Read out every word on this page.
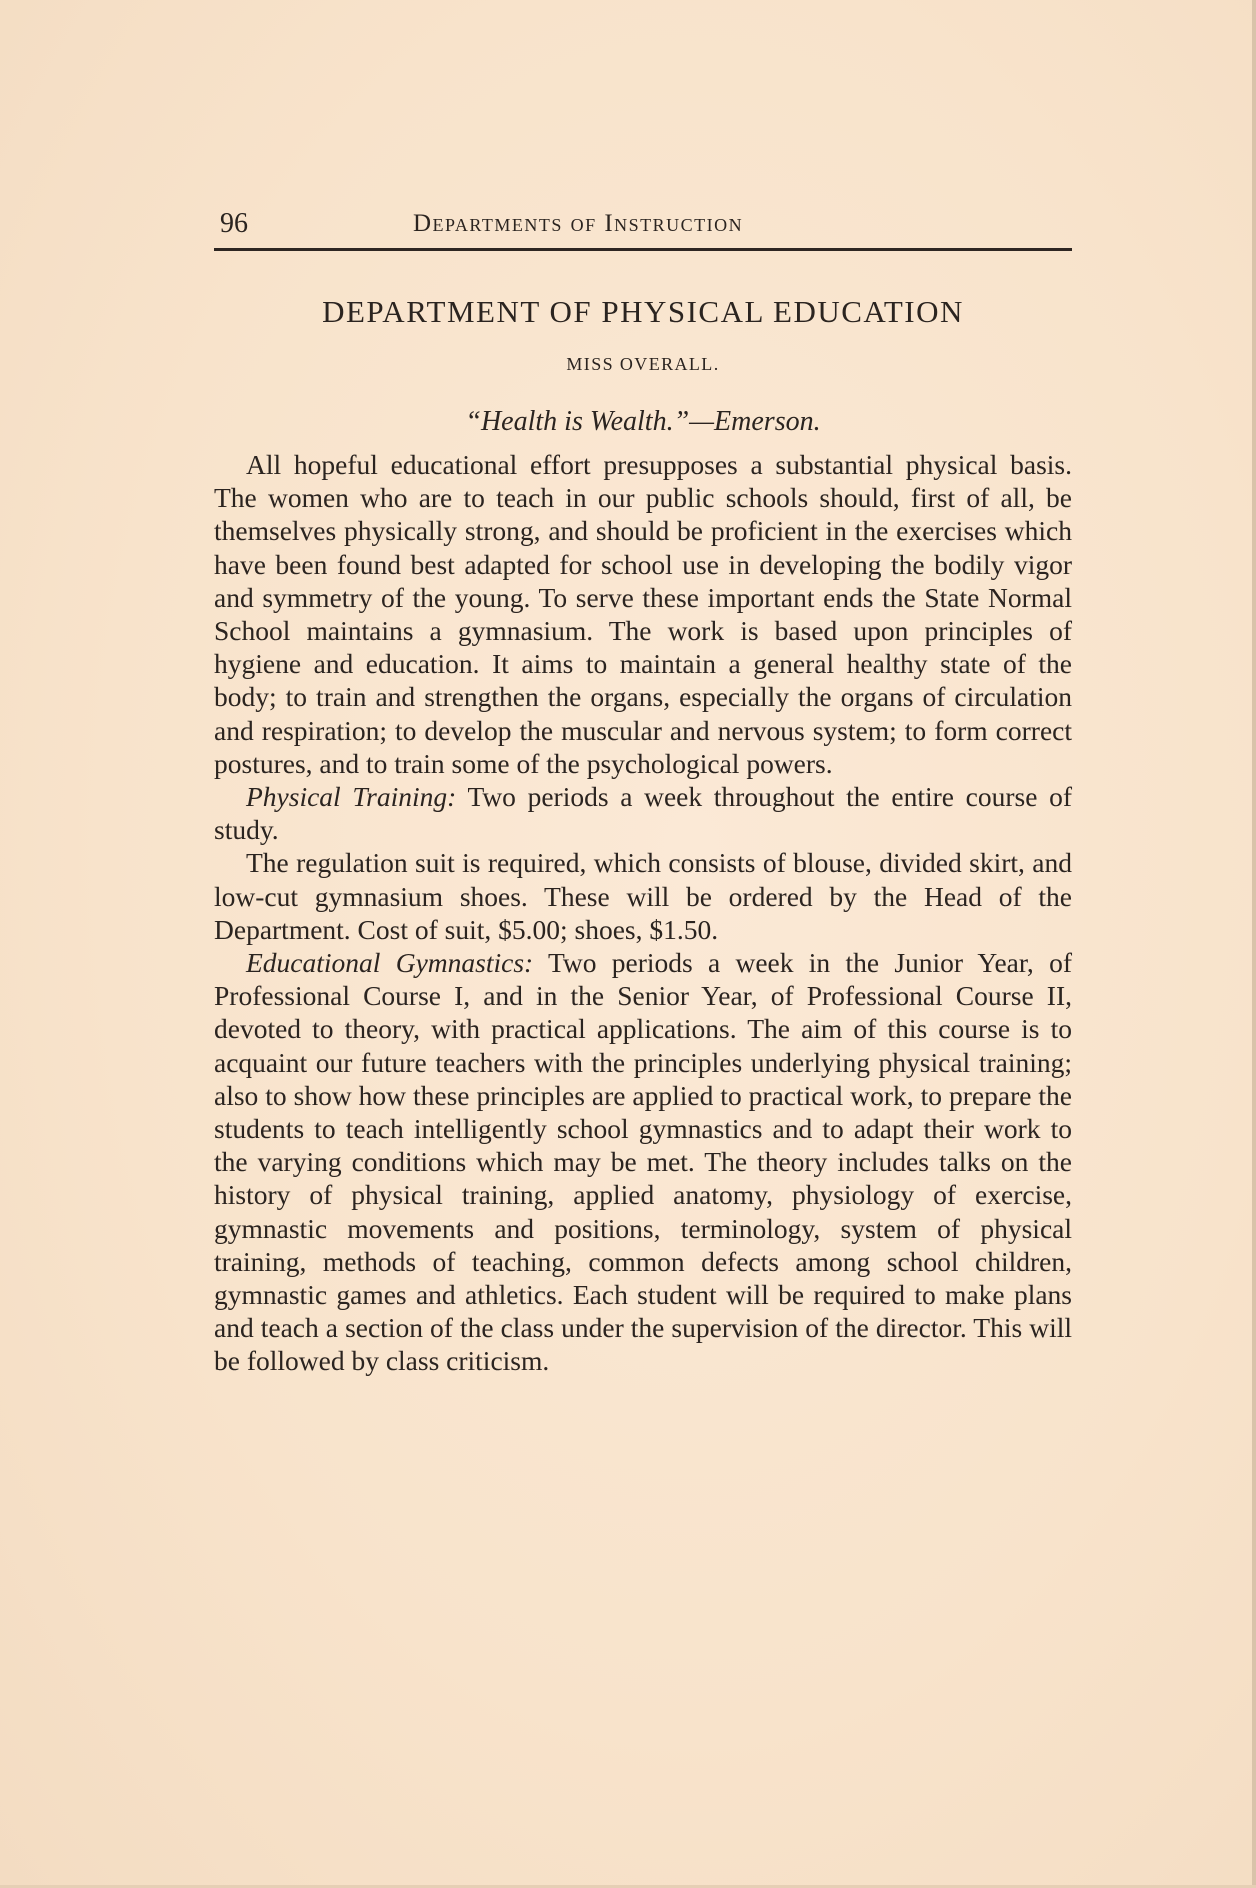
96	Departments of Instruction
DEPARTMENT OF PHYSICAL EDUCATION
MISS OVERALL.
“Health is Wealth.”—Emerson.

All hopeful educational effort presupposes a substantial physical basis. The women who are to teach in our public schools should, first of all, be themselves physically strong, and should be proficient in the exercises which have been found best adapted for school use in developing the bodily vigor and symmetry of the young. To serve these important ends the State Normal School maintains a gymnasium. The work is based upon principles of hygiene and education. It aims to maintain a general healthy state of the body; to train and strengthen the organs, especially the organs of circulation and respiration; to develop the muscular and nervous system; to form correct postures, and to train some of the psychological powers.

Physical Training: Two periods a week throughout the entire course of study.

The regulation suit is required, which consists of blouse, divided skirt, and low-cut gymnasium shoes. These will be ordered by the Head of the Department. Cost of suit, $5.00; shoes, $1.50.

Educational Gymnastics: Two periods a week in the Junior Year, of Professional Course I, and in the Senior Year, of Professional Course II, devoted to theory, with practical applications. The aim of this course is to acquaint our future teachers with the principles underlying physical training; also to show how these principles are applied to practical work, to prepare the students to teach intelligently school gymnastics and to adapt their work to the varying conditions which may be met. The theory includes talks on the history of physical training, applied anatomy, physiology of exercise, gymnastic movements and positions, terminology, system of physical training, methods of teaching, common defects among school children, gymnastic games and athletics. Each student will be required to make plans and teach a section of the class under the supervision of the director. This will be followed by class criticism.
